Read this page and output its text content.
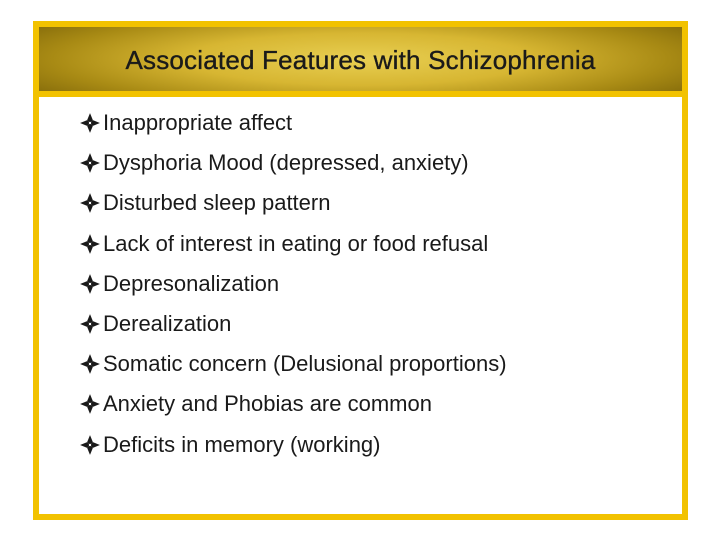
Associated Features with Schizophrenia
Inappropriate affect
Dysphoria Mood (depressed, anxiety)
Disturbed sleep pattern
Lack of interest in eating or food refusal
Depresonalization
Derealization
Somatic concern (Delusional proportions)
Anxiety and Phobias are common
Deficits in memory (working)
